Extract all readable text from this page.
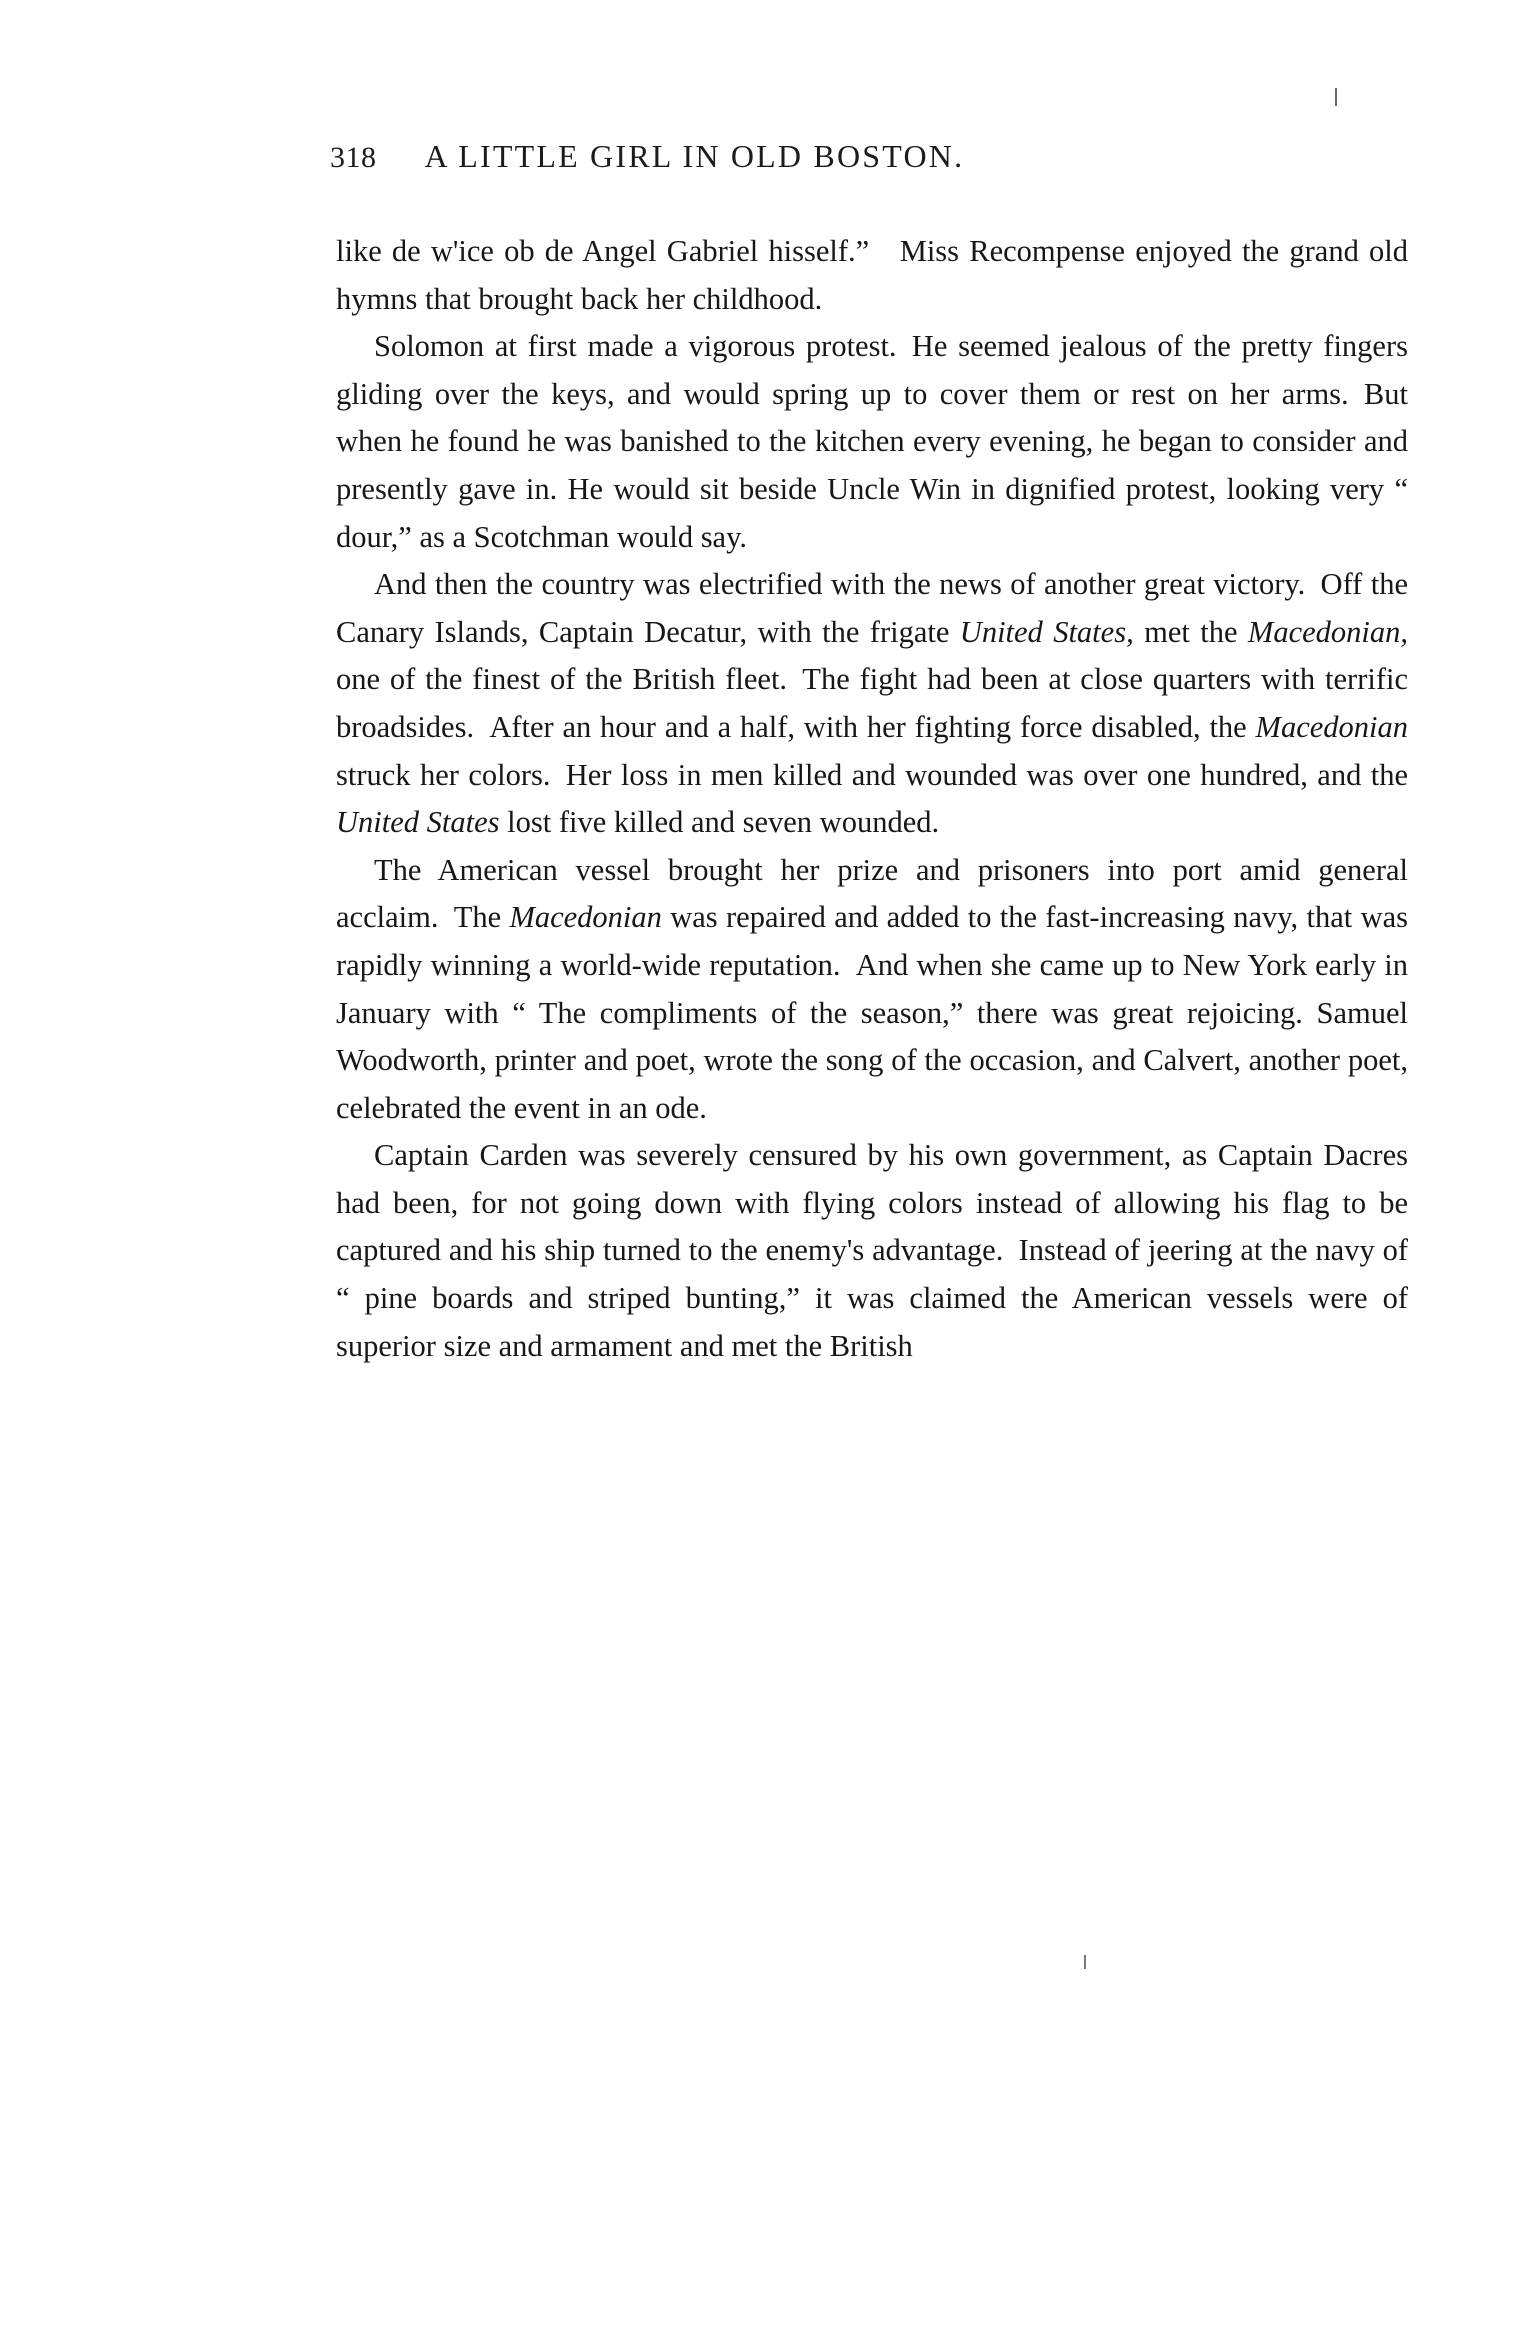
318 A LITTLE GIRL IN OLD BOSTON.

like de w'ice ob de Angel Gabriel hisself.” Miss Recompense enjoyed the grand old hymns that brought back her childhood.

Solomon at first made a vigorous protest. He seemed jealous of the pretty fingers gliding over the keys, and would spring up to cover them or rest on her arms. But when he found he was banished to the kitchen every evening, he began to consider and presently gave in. He would sit beside Uncle Win in dignified protest, looking very “ dour,” as a Scotchman would say.

And then the country was electrified with the news of another great victory. Off the Canary Islands, Captain Decatur, with the frigate United States, met the Macedonian, one of the finest of the British fleet. The fight had been at close quarters with terrific broadsides. After an hour and a half, with her fighting force disabled, the Macedonian struck her colors. Her loss in men killed and wounded was over one hundred, and the United States lost five killed and seven wounded.

The American vessel brought her prize and prisoners into port amid general acclaim. The Macedonian was repaired and added to the fast-increasing navy, that was rapidly winning a world-wide reputation. And when she came up to New York early in January with “ The compliments of the season,” there was great rejoicing. Samuel Woodworth, printer and poet, wrote the song of the occasion, and Calvert, another poet, celebrated the event in an ode.

Captain Carden was severely censured by his own government, as Captain Dacres had been, for not going down with flying colors instead of allowing his flag to be captured and his ship turned to the enemy's advantage. Instead of jeering at the navy of “ pine boards and striped bunting,” it was claimed the American vessels were of superior size and armament and met the British
